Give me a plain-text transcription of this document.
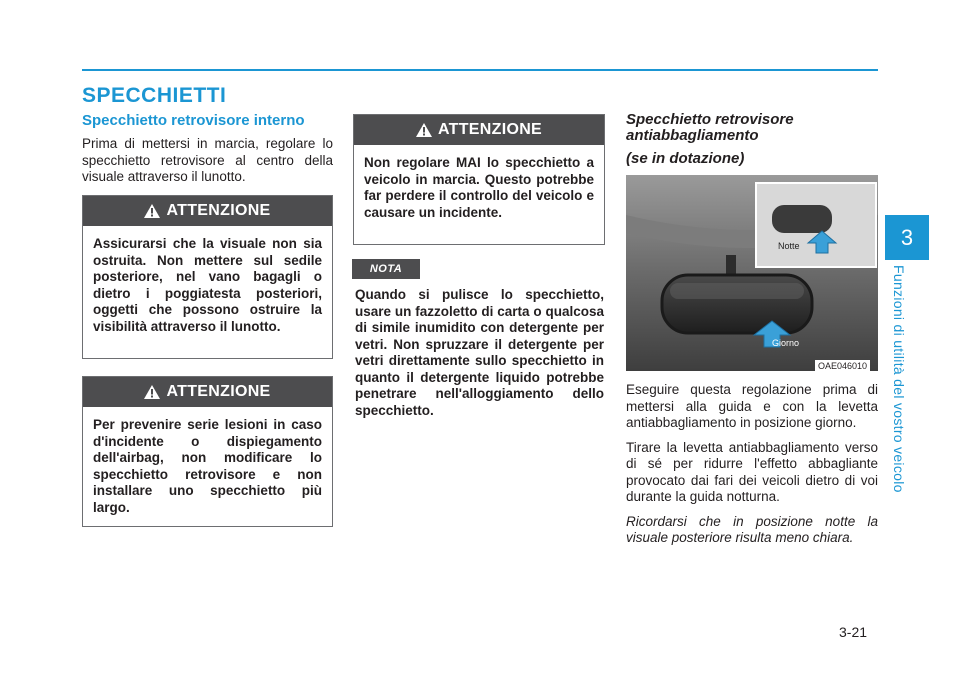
3
Funzioni di utilità del vostro veicolo
SPECCHIETTI
Specchietto retrovisore interno

Prima di mettersi in marcia, regolare lo specchietto retrovisore al centro della visuale attraverso il lunotto.

ATTENZIONE
Assicurarsi che la visuale non sia ostruita. Non mettere sul sedile posteriore, nel vano bagagli o dietro i poggiatesta posteriori, oggetti che possono ostruire la visibilità attraverso il lunotto.
ATTENZIONE
Per prevenire serie lesioni in caso d'incidente o dispiegamento dell'airbag, non modificare lo specchietto retrovisore e non installare uno specchietto più largo.
ATTENZIONE
Non regolare MAI lo specchietto a veicolo in marcia. Questo potrebbe far perdere il controllo del veicolo e causare un incidente.
NOTA
Quando si pulisce lo specchietto, usare un fazzoletto di carta o qualcosa di simile inumidito con detergente per vetri. Non spruzzare il detergente per vetri direttamente sullo specchietto in quanto il detergente liquido potrebbe penetrare nell'alloggiamento dello specchietto.
Specchietto retrovisore
antiabbagliamento
(se in dotazione)
Notte
Giorno
OAE046010

Eseguire questa regolazione prima di mettersi alla guida e con la levetta antiabbagliamento in posizione giorno.

Tirare la levetta antiabbagliamento verso di sé per ridurre l'effetto abbagliante provocato dai fari dei veicoli dietro di voi durante la guida notturna.

Ricordarsi che in posizione notte la visuale posteriore risulta meno chiara.

3-21
